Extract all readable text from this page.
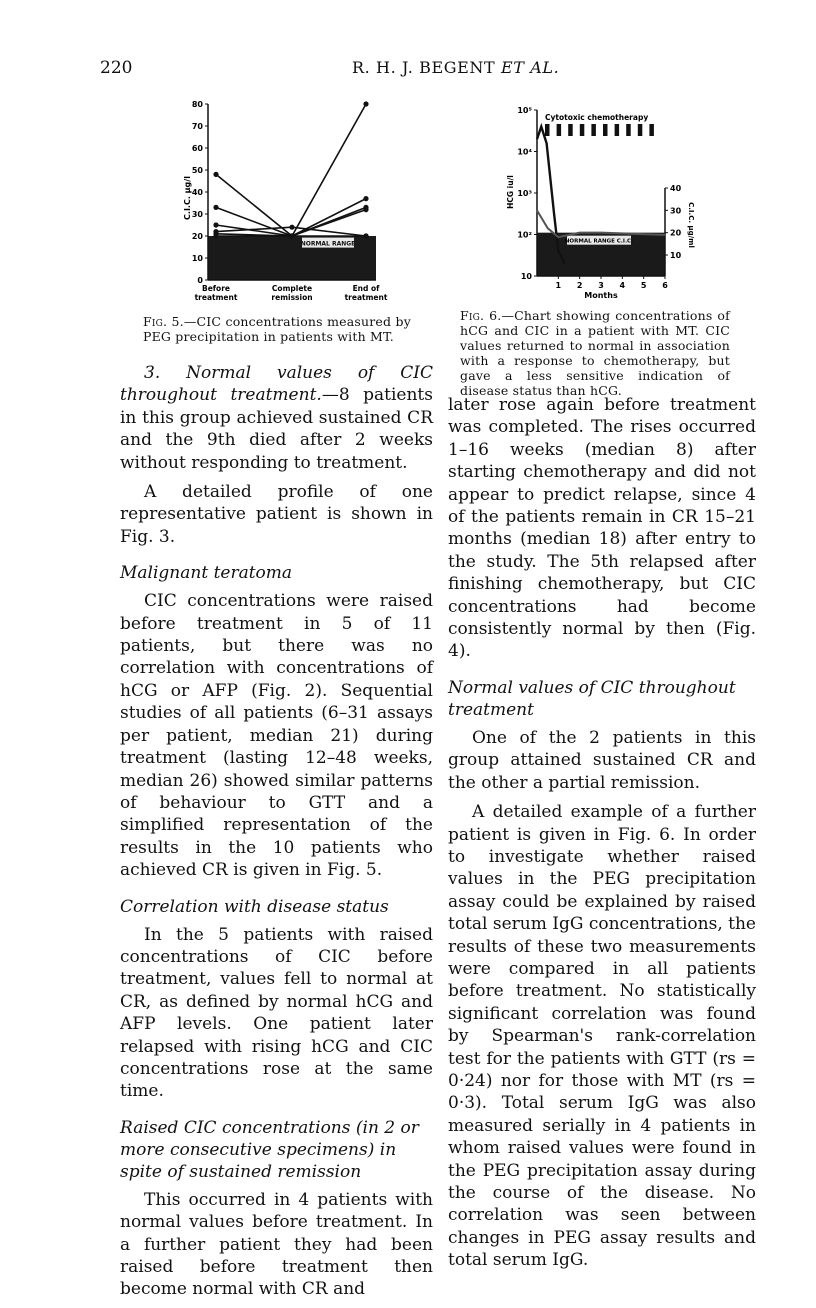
220	R. H. J. BEGENT ET AL.
NORMAL RANGE
0
10
20
30
40
50
60
70
80
C.I.C. µg/l
Before treatment
Complete remission
End of treatment
Fig. 5.—CIC concentrations measured by PEG precipitation in patients with MT.
NORMAL RANGE C.I.C.
10
10²
10³
10⁴
10⁵
HCG iu/l
10
20
30
40
C.I.C. µg/ml
1 2 3 4 5 6
Months
Cytotoxic chemotherapy
Fig. 6.—Chart showing concentrations of hCG and CIC in a patient with MT. CIC values returned to normal in association with a response to chemotherapy, but gave a less sensitive indication of disease status than hCG.

3. Normal values of CIC throughout treatment.—8 patients in this group achieved sustained CR and the 9th died after 2 weeks without responding to treatment.

A detailed profile of one representative patient is shown in Fig. 3.

Malignant teratoma

CIC concentrations were raised before treatment in 5 of 11 patients, but there was no correlation with concentrations of hCG or AFP (Fig. 2). Sequential studies of all patients (6–31 assays per patient, median 21) during treatment (lasting 12–48 weeks, median 26) showed similar patterns of behaviour to GTT and a simplified representation of the results in the 10 patients who achieved CR is given in Fig. 5.

Correlation with disease status

In the 5 patients with raised concentrations of CIC before treatment, values fell to normal at CR, as defined by normal hCG and AFP levels. One patient later relapsed with rising hCG and CIC concentrations rose at the same time.

Raised CIC concentrations (in 2 or more consecutive specimens) in spite of sustained remission

This occurred in 4 patients with normal values before treatment. In a further patient they had been raised before treatment then become normal with CR and

later rose again before treatment was completed. The rises occurred 1–16 weeks (median 8) after starting chemotherapy and did not appear to predict relapse, since 4 of the patients remain in CR 15–21 months (median 18) after entry to the study. The 5th relapsed after finishing chemotherapy, but CIC concentrations had become consistently normal by then (Fig. 4).

Normal values of CIC throughout treatment

One of the 2 patients in this group attained sustained CR and the other a partial remission.

A detailed example of a further patient is given in Fig. 6. In order to investigate whether raised values in the PEG precipitation assay could be explained by raised total serum IgG concentrations, the results of these two measurements were compared in all patients before treatment. No statistically significant correlation was found by Spearman's rank-correlation test for the patients with GTT (rs = 0·24) nor for those with MT (rs = 0·3). Total serum IgG was also measured serially in 4 patients in whom raised values were found in the PEG precipitation assay during the course of the disease. No correlation was seen between changes in PEG assay results and total serum IgG.
